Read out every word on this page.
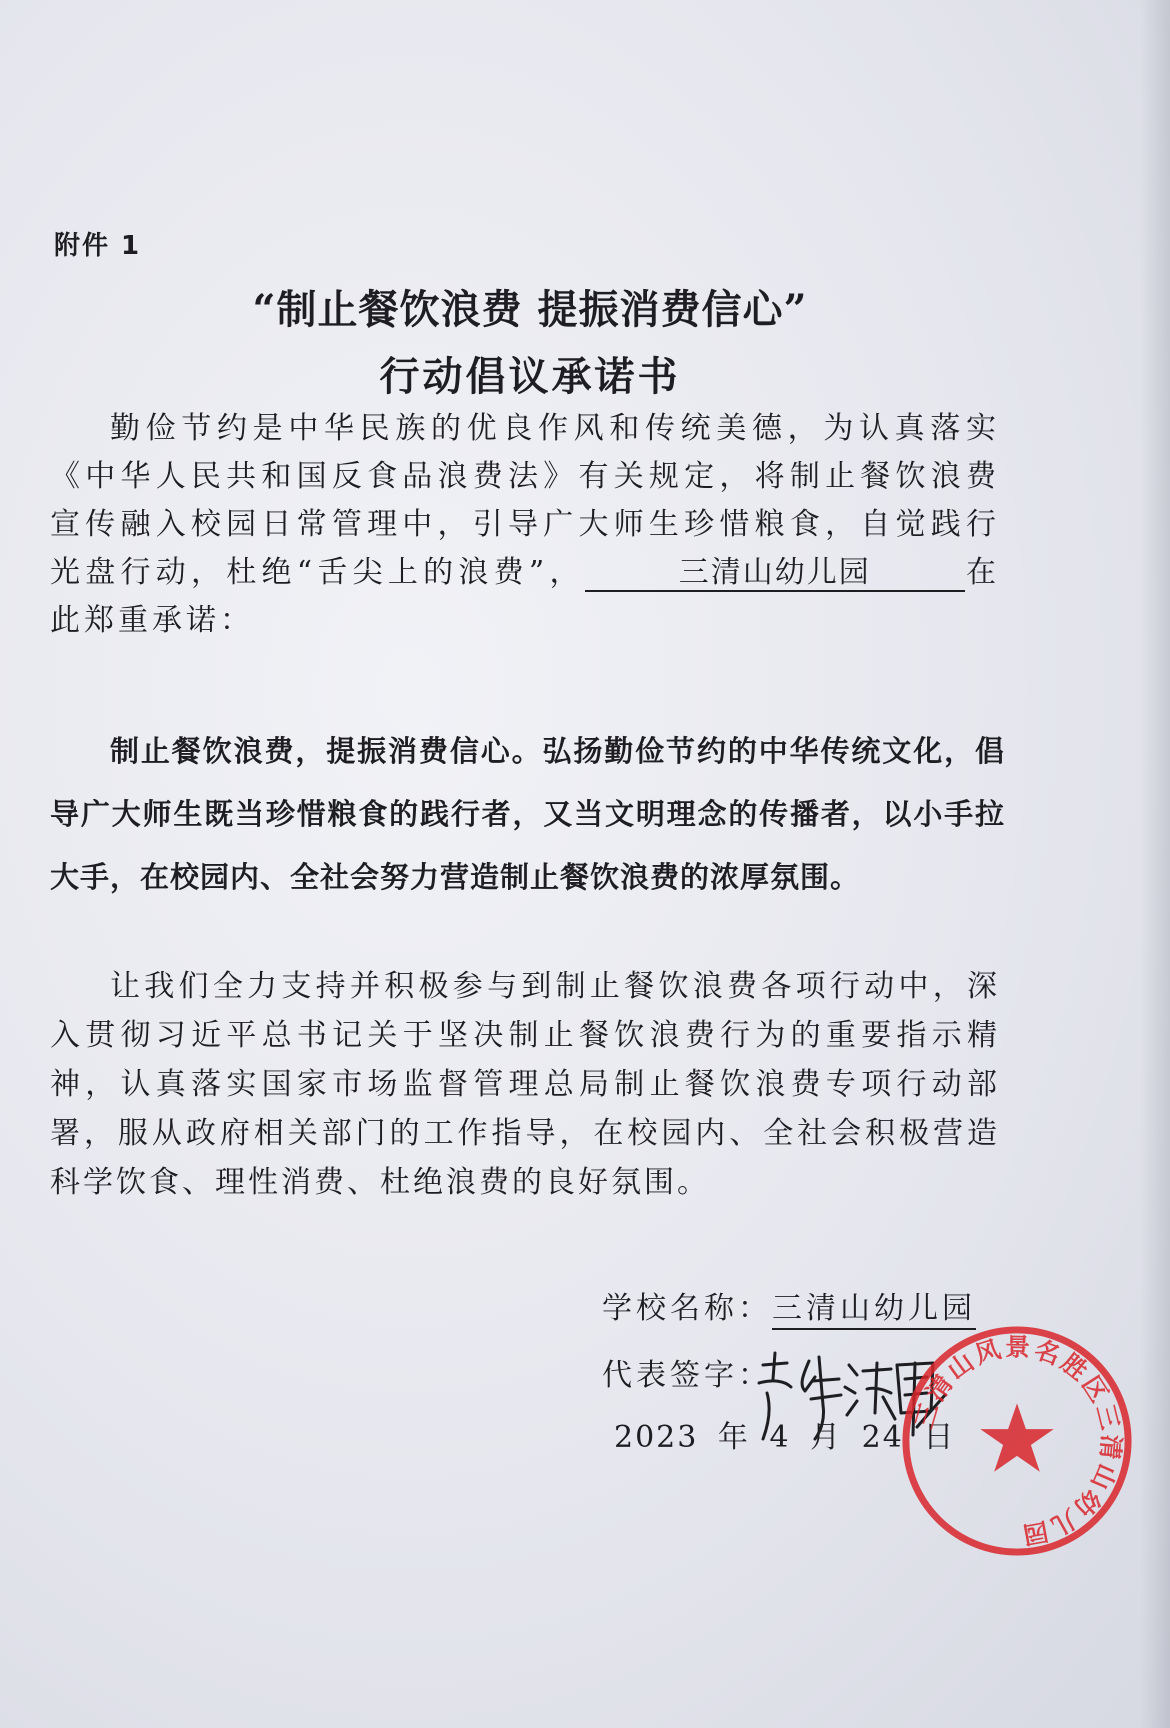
附件 1
“制止餐饮浪费 提振消费信心”
行动倡议承诺书
勤俭节约是中华民族的优良作风和传统美德，为认真落实《中华人民共和国反食品浪费法》有关规定，将制止餐饮浪费宣传融入校园日常管理中，引导广大师生珍惜粮食，自觉践行光盘行动，杜绝“舌尖上的浪费”，	三清山幼儿园	在此郑重承诺：
制止餐饮浪费，提振消费信心。弘扬勤俭节约的中华传统文化，倡导广大师生既当珍惜粮食的践行者，又当文明理念的传播者，以小手拉大手，在校园内、全社会努力营造制止餐饮浪费的浓厚氛围。
让我们全力支持并积极参与到制止餐饮浪费各项行动中，深入贯彻习近平总书记关于坚决制止餐饮浪费行为的重要指示精神，认真落实国家市场监督管理总局制止餐饮浪费专项行动部署，服从政府相关部门的工作指导，在校园内、全社会积极营造科学饮食、理性消费、杜绝浪费的良好氛围。
学校名称：三清山幼儿园
代表签字：
2023 年 4 月 24 日
三清山风景名胜区三清山幼儿园
